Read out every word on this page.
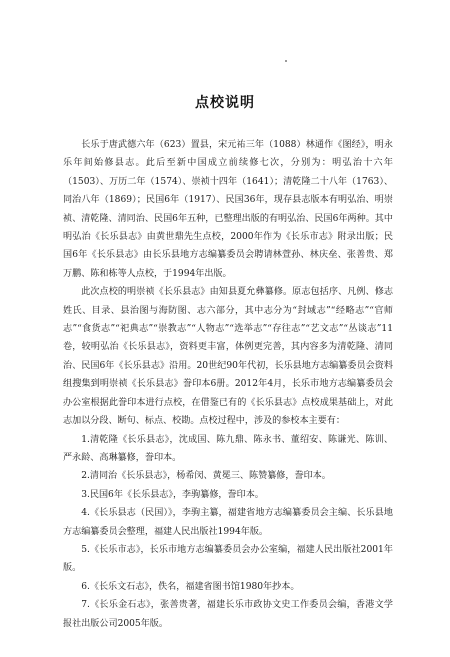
点校说明

长乐于唐武德六年（623）置县，宋元祐三年（1088）林通作《图经》，明永乐年间始修县志。此后至新中国成立前续修七次，分别为：明弘治十六年（1503）、万历二年（1574）、崇祯十四年（1641）；清乾隆二十八年（1763）、同治八年（1869）；民国6年（1917）、民国36年，现存县志版本有明弘治、明崇祯、清乾隆、清同治、民国6年五种，已整理出版的有明弘治、民国6年两种。其中明弘治《长乐县志》由黄世鼎先生点校，2000年作为《长乐市志》附录出版；民国6年《长乐县志》由长乐县地方志编纂委员会聘请林萱孙、林庆垒、张善贵、郑万鹏、陈和栋等人点校，于1994年出版。

此次点校的明崇祯《长乐县志》由知县夏允彝纂修。原志包括序、凡例、修志姓氏、目录、县治图与海防图、志六部分，其中志分为“封域志”“经略志”“官师志”“食货志”“祀典志”“崇教志”“人物志”“选举志”“存往志”“艺文志”“丛谈志”11卷，较明弘治《长乐县志》，资料更丰富，体例更完善，其内容多为清乾隆、清同治、民国6年《长乐县志》沿用。20世纪90年代初，长乐县地方志编纂委员会资料组搜集到明崇祯《长乐县志》誊印本6册。2012年4月，长乐市地方志编纂委员会办公室根据此誊印本进行点校，在借鉴已有的《长乐县志》点校成果基础上，对此志加以分段、断句、标点、校勘。点校过程中，涉及的参校本主要有：

1.清乾隆《长乐县志》，沈成国、陈九鼎、陈永书、董绍安、陈谦光、陈训、严永龄、高琳纂修，誊印本。

2.清同治《长乐县志》，杨希闵、黄冕三、陈赞纂修，誊印本。

3.民国6年《长乐县志》，李驹纂修，誊印本。

4.《长乐县志（民国）》，李驹主纂，福建省地方志编纂委员会主编、长乐县地方志编纂委员会整理，福建人民出版社1994年版。

5.《长乐市志》，长乐市地方志编纂委员会办公室编，福建人民出版社2001年版。

6.《长乐文石志》，佚名，福建省图书馆1980年抄本。

7.《长乐金石志》，张善贵著，福建长乐市政协文史工作委员会编，香港文学报社出版公司2005年版。
